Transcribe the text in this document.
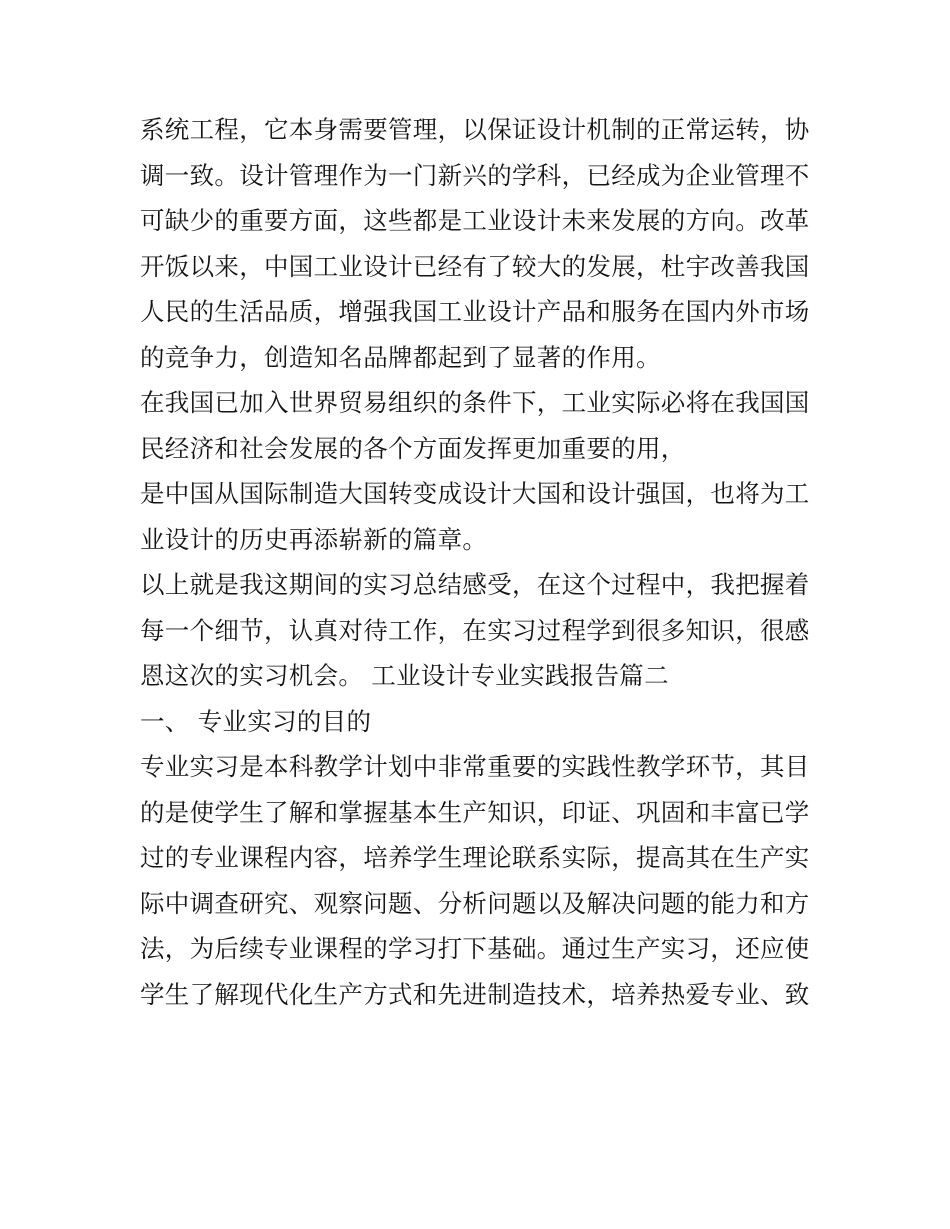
系统工程，它本身需要管理，以保证设计机制的正常运转，协
调一致。设计管理作为一门新兴的学科，已经成为企业管理不
可缺少的重要方面，这些都是工业设计未来发展的方向。改革
开饭以来，中国工业设计已经有了较大的发展，杜宇改善我国
人民的生活品质，增强我国工业设计产品和服务在国内外市场
的竞争力，创造知名品牌都起到了显著的作用。
在我国已加入世界贸易组织的条件下，工业实际必将在我国国
民经济和社会发展的各个方面发挥更加重要的用，
是中国从国际制造大国转变成设计大国和设计强国，也将为工
业设计的历史再添崭新的篇章。
以上就是我这期间的实习总结感受，在这个过程中，我把握着
每一个细节，认真对待工作，在实习过程学到很多知识，很感
恩这次的实习机会。 工业设计专业实践报告篇二
一、 专业实习的目的
专业实习是本科教学计划中非常重要的实践性教学环节，其目
的是使学生了解和掌握基本生产知识，印证、巩固和丰富已学
过的专业课程内容，培养学生理论联系实际，提高其在生产实
际中调查研究、观察问题、分析问题以及解决问题的能力和方
法，为后续专业课程的学习打下基础。通过生产实习，还应使
学生了解现代化生产方式和先进制造技术，培养热爱专业、致
